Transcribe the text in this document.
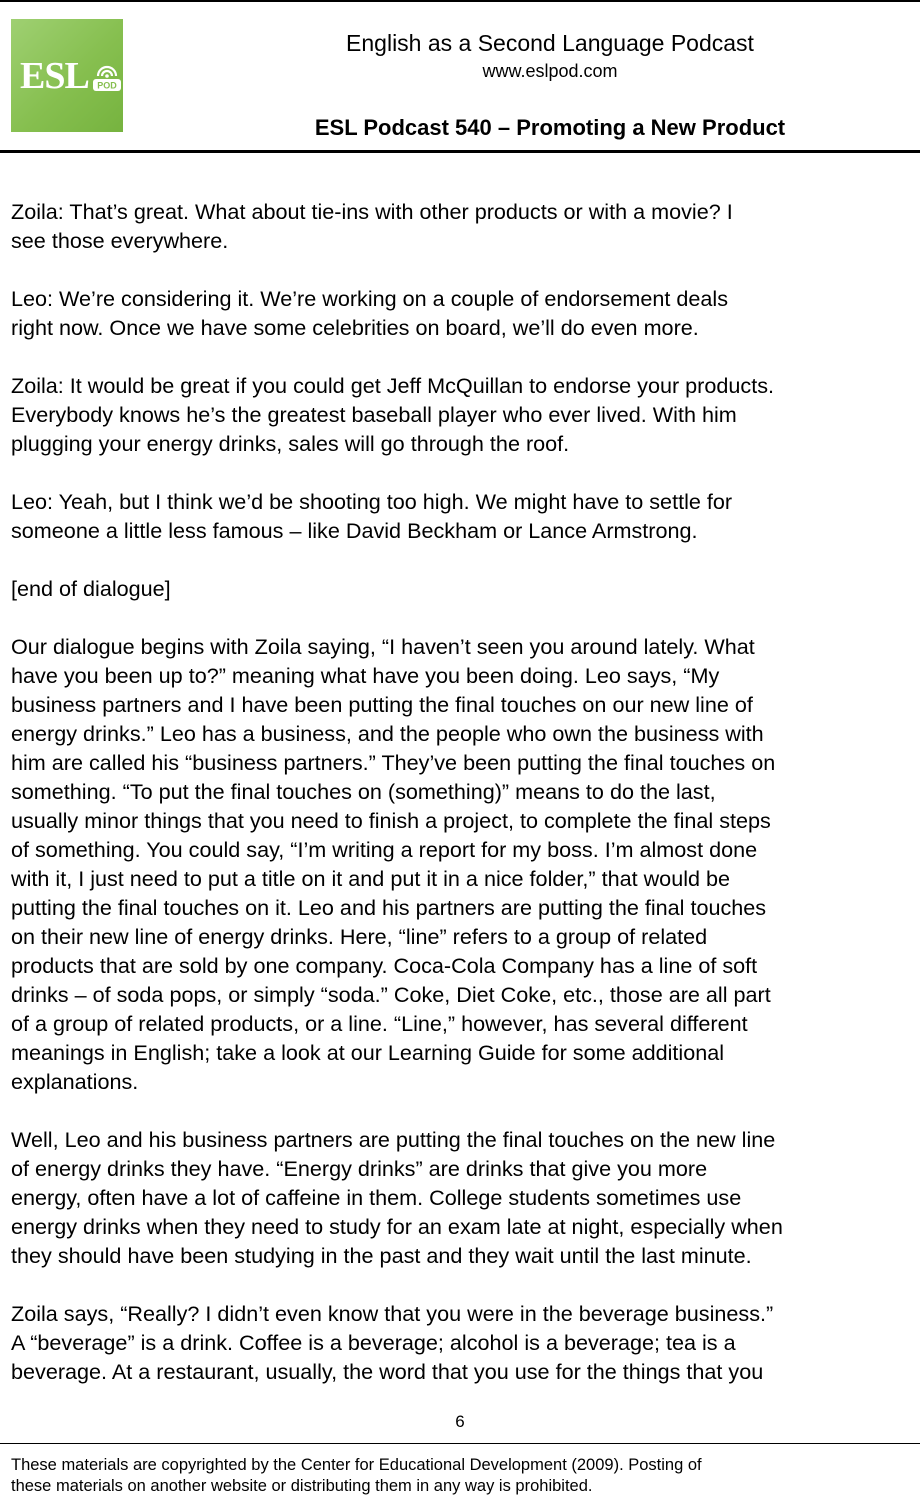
ESL POD
English as a Second Language Podcast
www.eslpod.com
ESL Podcast 540 – Promoting a New Product

Zoila: That’s great. What about tie-ins with other products or with a movie? I
see those everywhere.

Leo: We’re considering it. We’re working on a couple of endorsement deals
right now. Once we have some celebrities on board, we’ll do even more.

Zoila: It would be great if you could get Jeff McQuillan to endorse your products.
Everybody knows he’s the greatest baseball player who ever lived. With him
plugging your energy drinks, sales will go through the roof.

Leo: Yeah, but I think we’d be shooting too high. We might have to settle for
someone a little less famous – like David Beckham or Lance Armstrong.

[end of dialogue]

Our dialogue begins with Zoila saying, “I haven’t seen you around lately. What
have you been up to?” meaning what have you been doing. Leo says, “My
business partners and I have been putting the final touches on our new line of
energy drinks.” Leo has a business, and the people who own the business with
him are called his “business partners.” They’ve been putting the final touches on
something. “To put the final touches on (something)” means to do the last,
usually minor things that you need to finish a project, to complete the final steps
of something. You could say, “I’m writing a report for my boss. I’m almost done
with it, I just need to put a title on it and put it in a nice folder,” that would be
putting the final touches on it. Leo and his partners are putting the final touches
on their new line of energy drinks. Here, “line” refers to a group of related
products that are sold by one company. Coca-Cola Company has a line of soft
drinks – of soda pops, or simply “soda.” Coke, Diet Coke, etc., those are all part
of a group of related products, or a line. “Line,” however, has several different
meanings in English; take a look at our Learning Guide for some additional
explanations.

Well, Leo and his business partners are putting the final touches on the new line
of energy drinks they have. “Energy drinks” are drinks that give you more
energy, often have a lot of caffeine in them. College students sometimes use
energy drinks when they need to study for an exam late at night, especially when
they should have been studying in the past and they wait until the last minute.

Zoila says, “Really? I didn’t even know that you were in the beverage business.”
A “beverage” is a drink. Coffee is a beverage; alcohol is a beverage; tea is a
beverage. At a restaurant, usually, the word that you use for the things that you

6
These materials are copyrighted by the Center for Educational Development (2009). Posting of
these materials on another website or distributing them in any way is prohibited.
